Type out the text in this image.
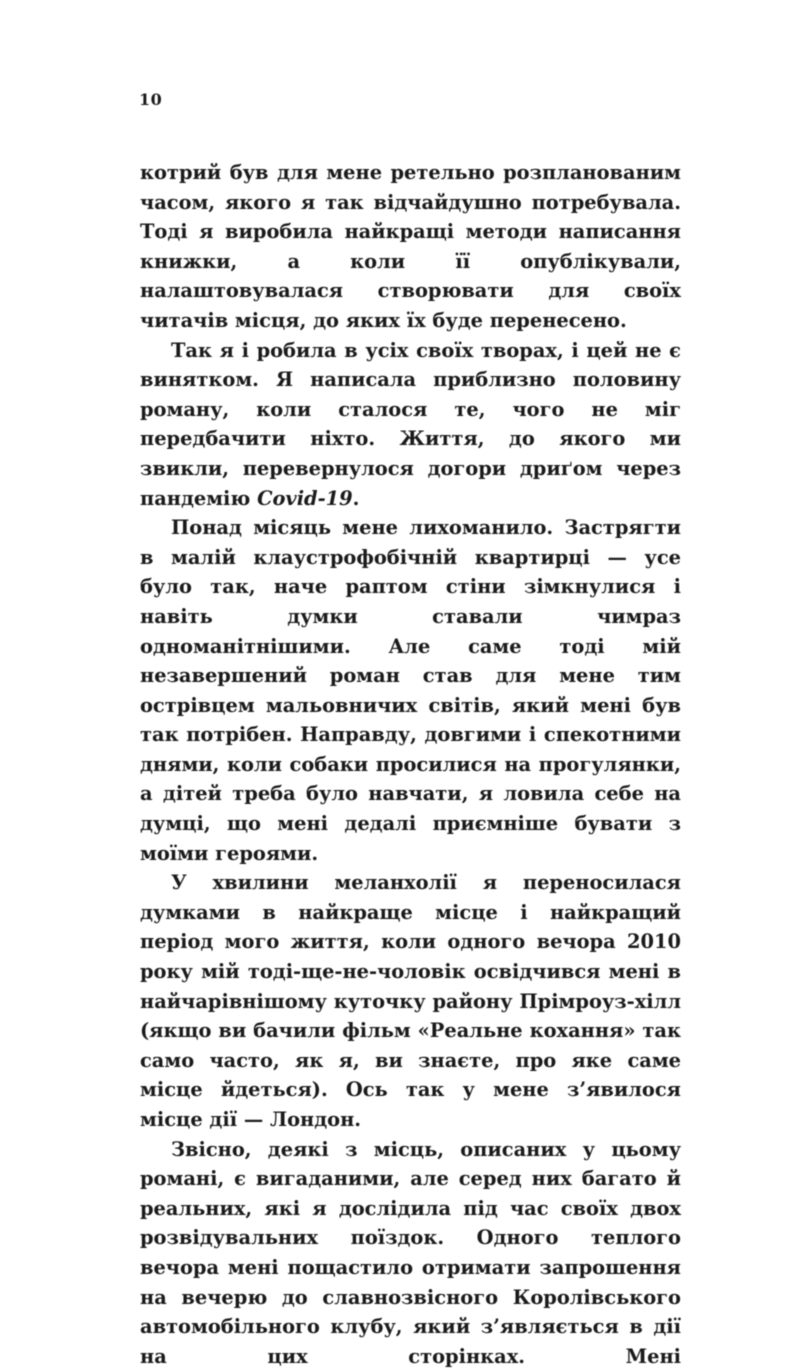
10

котрий був для мене ретельно розпланованим часом, якого я так відчайдушно потребувала. Тоді я виробила найкращі методи написання книжки, а коли її опублікували, налаштовувалася створювати для своїх читачів місця, до яких їх буде перенесено.

Так я і робила в усіх своїх творах, і цей не є винятком. Я написала приблизно половину роману, коли сталося те, чого не міг передбачити ніхто. Життя, до якого ми звикли, перевернулося догори дриґом через пандемію Covid-19.

Понад місяць мене лихоманило. Застрягти в малій клаустрофобічній квартирці — усе було так, наче раптом стіни зімкнулися і навіть думки ставали чимраз одноманітнішими. Але саме тоді мій незавершений роман став для мене тим острівцем мальовничих світів, який мені був так потрібен. Направду, довгими і спекотними днями, коли собаки просилися на прогулянки, а дітей треба було навчати, я ловила себе на думці, що мені дедалі приємніше бувати з моїми героями.

У хвилини меланхолії я переносилася думками в найкраще місце і найкращий період мого життя, коли одного вечора 2010 року мій тоді-ще-не-чоловік освідчився мені в найчарівнішому куточку району Прімроуз-хілл (якщо ви бачили фільм «Реальне кохання» так само часто, як я, ви знаєте, про яке саме місце йдеться). Ось так у мене з’явилося місце дії — Лондон.

Звісно, деякі з місць, описаних у цьому романі, є вигаданими, але серед них багато й реальних, які я дослідила під час своїх двох розвідувальних поїздок. Одного теплого вечора мені пощастило отримати запрошення на вечерю до славнозвісного Королівського автомобільного клубу, який з’являється в дії на цих сторінках. Мені
